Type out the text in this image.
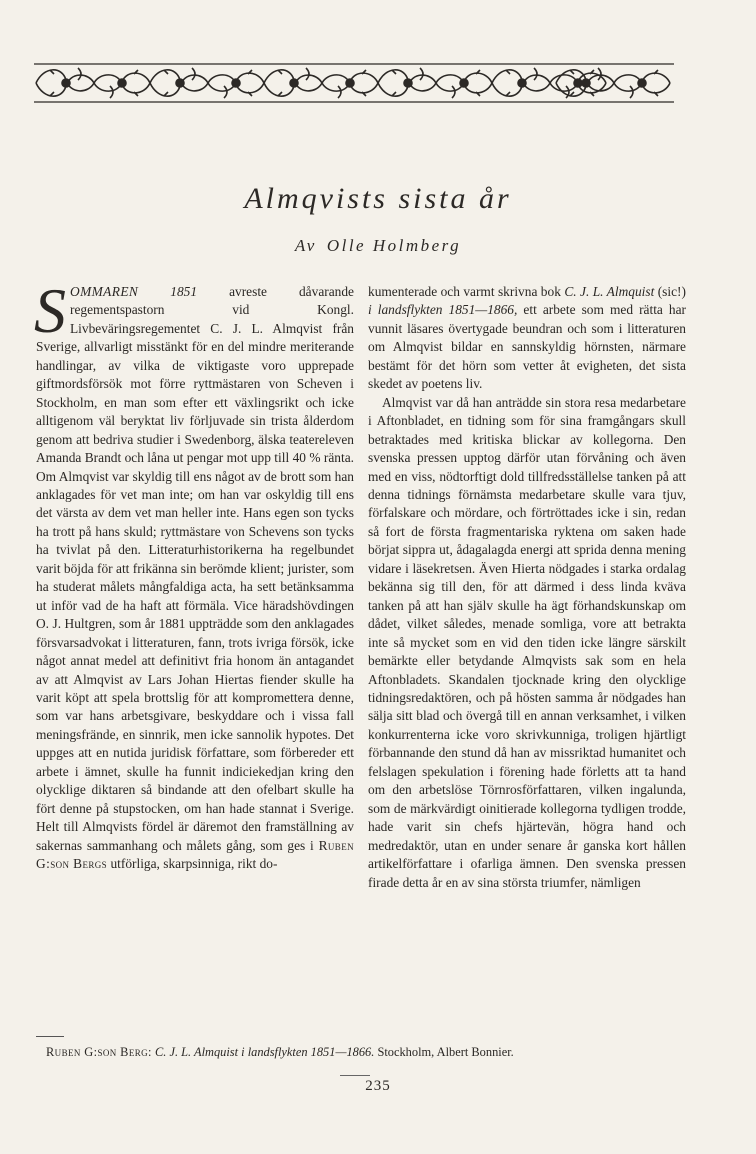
Almqvists sista år
Av Olle Holmberg

SOMMAREN 1851 avreste dåvarande regementspastorn vid Kongl. Livbeväringsregementet C. J. L. Almqvist från Sverige, allvarligt misstänkt för en del mindre meriterande handlingar, av vilka de viktigaste voro upprepade giftmordsförsök mot förre ryttmästaren von Scheven i Stockholm, en man som efter ett växlingsrikt och icke alltigenom väl beryktat liv förljuvade sin trista ålderdom genom att bedriva studier i Swedenborg, älska teatereleven Amanda Brandt och låna ut pengar mot upp till 40 % ränta. Om Almqvist var skyldig till ens något av de brott som han anklagades för vet man inte; om han var oskyldig till ens det värsta av dem vet man heller inte. Hans egen son tycks ha trott på hans skuld; ryttmästare von Schevens son tycks ha tvivlat på den. Litteraturhistorikerna ha regelbundet varit böjda för att frikänna sin berömde klient; jurister, som ha studerat målets mångfaldiga acta, ha sett betänksamma ut inför vad de ha haft att förmäla. Vice häradshövdingen O. J. Hultgren, som år 1881 uppträdde som den anklagades försvarsadvokat i litteraturen, fann, trots ivriga försök, icke något annat medel att definitivt fria honom än antagandet av att Almqvist av Lars Johan Hiertas fiender skulle ha varit köpt att spela brottslig för att kompromettera denne, som var hans arbetsgivare, beskyddare och i vissa fall meningsfrände, en sinnrik, men icke sannolik hypotes. Det uppges att en nutida juridisk författare, som förbereder ett arbete i ämnet, skulle ha funnit indiciekedjan kring den olycklige diktaren så bindande att den ofelbart skulle ha fört denne på stupstocken, om han hade stannat i Sverige. Helt till Almqvists fördel är däremot den framställning av sakernas sammanhang och målets gång, som ges i Ruben G:son Bergs utförliga, skarpsinniga, rikt do-

kumenterade och varmt skrivna bok C. J. L. Almquist (sic!) i landsflykten 1851—1866, ett arbete som med rätta har vunnit läsares övertygade beundran och som i litteraturen om Almqvist bildar en sannskyldig hörnsten, närmare bestämt för det hörn som vetter åt evigheten, det sista skedet av poetens liv.

Almqvist var då han anträdde sin stora resa medarbetare i Aftonbladet, en tidning som för sina framgångars skull betraktades med kritiska blickar av kollegorna. Den svenska pressen upptog därför utan förvåning och även med en viss, nödtorftigt dold tillfredsställelse tanken på att denna tidnings förnämsta medarbetare skulle vara tjuv, förfalskare och mördare, och förtröttades icke i sin, redan så fort de första fragmentariska ryktena om saken hade börjat sippra ut, ådagalagda energi att sprida denna mening vidare i läsekretsen. Även Hierta nödgades i starka ordalag bekänna sig till den, för att därmed i dess linda kväva tanken på att han själv skulle ha ägt förhandskunskap om dådet, vilket således, menade somliga, vore att betrakta inte så mycket som en vid den tiden icke längre särskilt bemärkte eller betydande Almqvists sak som en hela Aftonbladets. Skandalen tjocknade kring den olycklige tidningsredaktören, och på hösten samma år nödgades han sälja sitt blad och övergå till en annan verksamhet, i vilken konkurrenterna icke voro skrivkunniga, troligen hjärtligt förbannande den stund då han av missriktad humanitet och felslagen spekulation i förening hade förletts att ta hand om den arbetslöse Törnrosförfattaren, vilken ingalunda, som de märkvärdigt oinitierade kollegorna tydligen trodde, hade varit sin chefs hjärtevän, högra hand och medredaktör, utan en under senare år ganska kort hållen artikelförfattare i ofarliga ämnen. Den svenska pressen firade detta år en av sina största triumfer, nämligen

Ruben G:son Berg: C. J. L. Almquist i landsflykten 1851—1866. Stockholm, Albert Bonnier.
235
